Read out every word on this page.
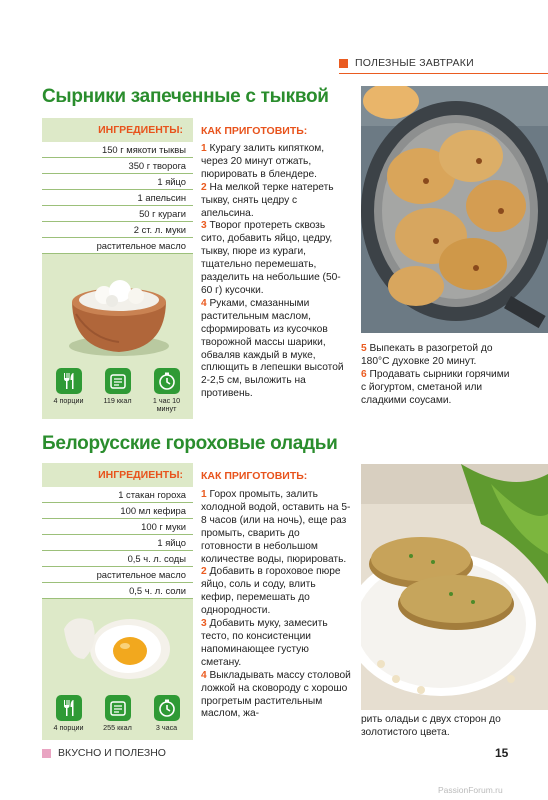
ПОЛЕЗНЫЕ ЗАВТРАКИ
Сырники запеченные с тыквой
ИНГРЕДИЕНТЫ:
150 г мякоти тыквы
350 г творога
1 яйцо
1 апельсин
50 г кураги
2 ст. л. муки
растительное масло
4 порции	119 ккал	1 час 10 минут
КАК ПРИГОТОВИТЬ:

1 Курагу залить кипятком, через 20 минут отжать, пюрировать в блендере.

2 На мелкой терке натереть тыкву, снять цедру с апельсина.

3 Творог протереть сквозь сито, добавить яйцо, цедру, тыкву, пюре из кураги, тщательно перемешать, разделить на небольшие (50-60 г) кусочки.

4 Руками, смазанными растительным маслом, сформировать из кусочков творожной массы шарики, обваляв каждый в муке, сплющить в лепешки высотой 2-2,5 см, выложить на противень.

5 Выпекать в разогретой до 180°С духовке 20 минут.

6 Продавать сырники горячими с йогуртом, сметаной или сладкими соусами.

Белорусские гороховые оладьи
ИНГРЕДИЕНТЫ:
1 стакан гороха
100 мл кефира
100 г муки
1 яйцо
0,5 ч. л. соды
растительное масло
0,5 ч. л. соли
4 порции	255 ккал	3 часа
КАК ПРИГОТОВИТЬ:

1 Горох промыть, залить холодной водой, оставить на 5-8 часов (или на ночь), еще раз промыть, сварить до готовности в небольшом количестве воды, пюрировать.

2 Добавить в гороховое пюре яйцо, соль и соду, влить кефир, перемешать до однородности.

3 Добавить муку, замесить тесто, по консистенции напоминающее густую сметану.

4 Выкладывать массу столовой ложкой на сковороду с хорошо прогретым растительным маслом, жа-

рить оладьи с двух сторон до золотистого цвета.

ВКУСНО И ПОЛЕЗНО	15
PassionForum.ru
